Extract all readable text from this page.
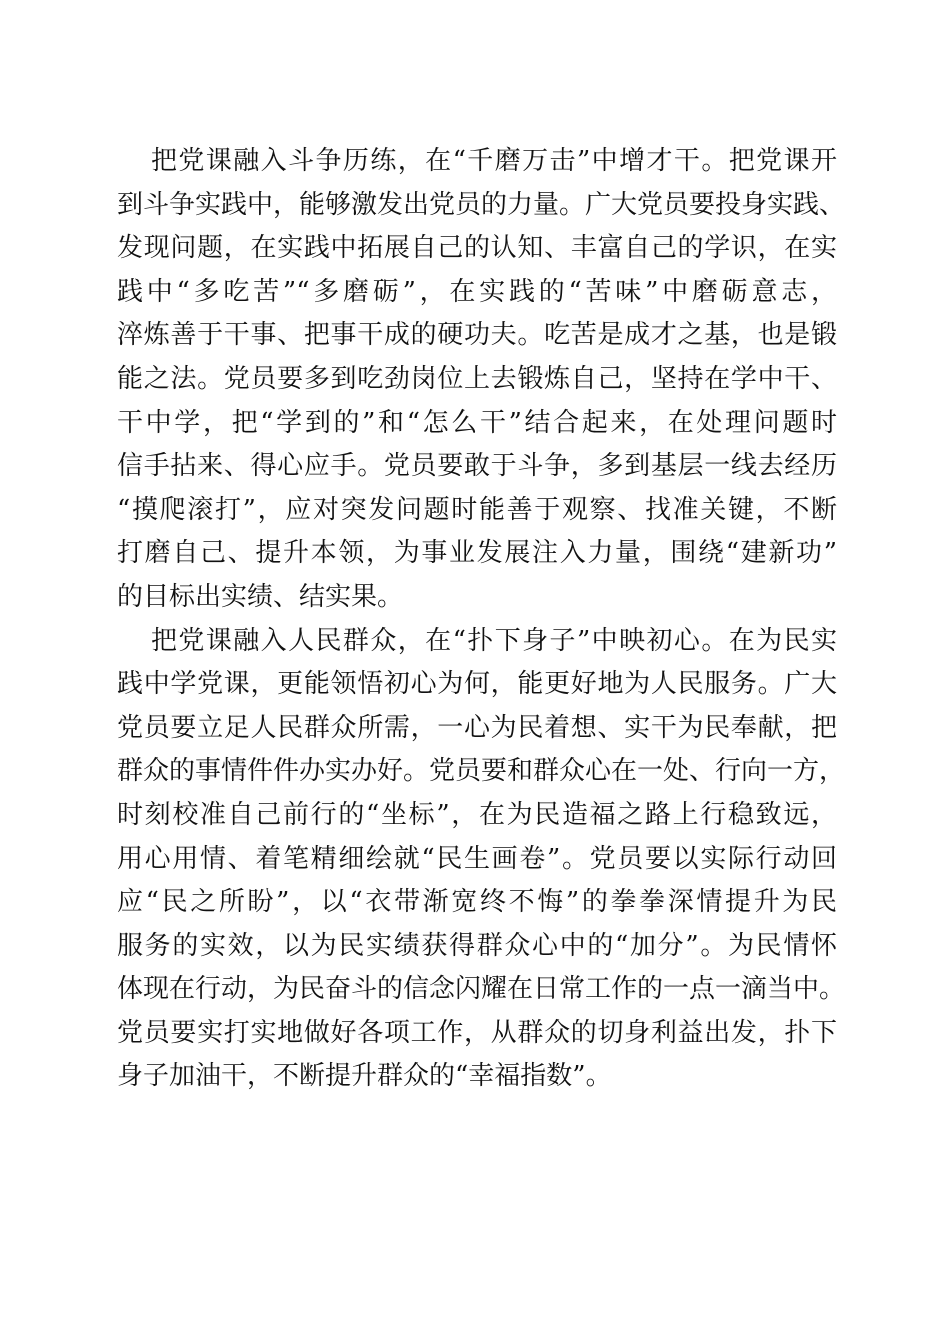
把党课融入斗争历练，在“千磨万击”中增才干。把党课开
到斗争实践中，能够激发出党员的力量。广大党员要投身实践、
发现问题，在实践中拓展自己的认知、丰富自己的学识，在实
践中“多吃苦”“多磨砺”，在实践的“苦味”中磨砺意志，
淬炼善于干事、把事干成的硬功夫。吃苦是成才之基，也是锻
能之法。党员要多到吃劲岗位上去锻炼自己，坚持在学中干、
干中学，把“学到的”和“怎么干”结合起来，在处理问题时
信手拈来、得心应手。党员要敢于斗争，多到基层一线去经历
“摸爬滚打”，应对突发问题时能善于观察、找准关键，不断
打磨自己、提升本领，为事业发展注入力量，围绕“建新功”
的目标出实绩、结实果。
把党课融入人民群众，在“扑下身子”中映初心。在为民实
践中学党课，更能领悟初心为何，能更好地为人民服务。广大
党员要立足人民群众所需，一心为民着想、实干为民奉献，把
群众的事情件件办实办好。党员要和群众心在一处、行向一方，
时刻校准自己前行的“坐标”，在为民造福之路上行稳致远，
用心用情、着笔精细绘就“民生画卷”。党员要以实际行动回
应“民之所盼”，以“衣带渐宽终不悔”的拳拳深情提升为民
服务的实效，以为民实绩获得群众心中的“加分”。为民情怀
体现在行动，为民奋斗的信念闪耀在日常工作的一点一滴当中。
党员要实打实地做好各项工作，从群众的切身利益出发，扑下
身子加油干，不断提升群众的“幸福指数”。
